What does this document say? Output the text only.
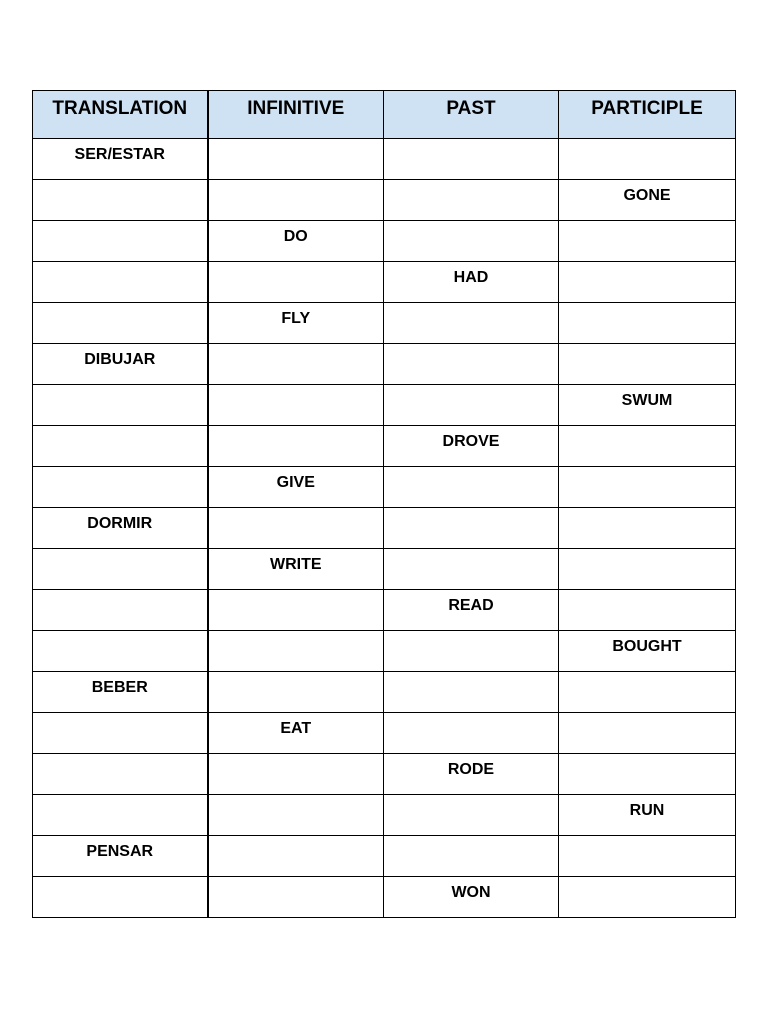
TRANSLATION	INFINITIVE	PAST	PARTICIPLE
SER/ESTAR			
			GONE
	DO		
		HAD	
	FLY		
DIBUJAR			
			SWUM
		DROVE	
	GIVE		
DORMIR			
	WRITE		
		READ	
			BOUGHT
BEBER			
	EAT		
		RODE	
			RUN
PENSAR			
		WON	
